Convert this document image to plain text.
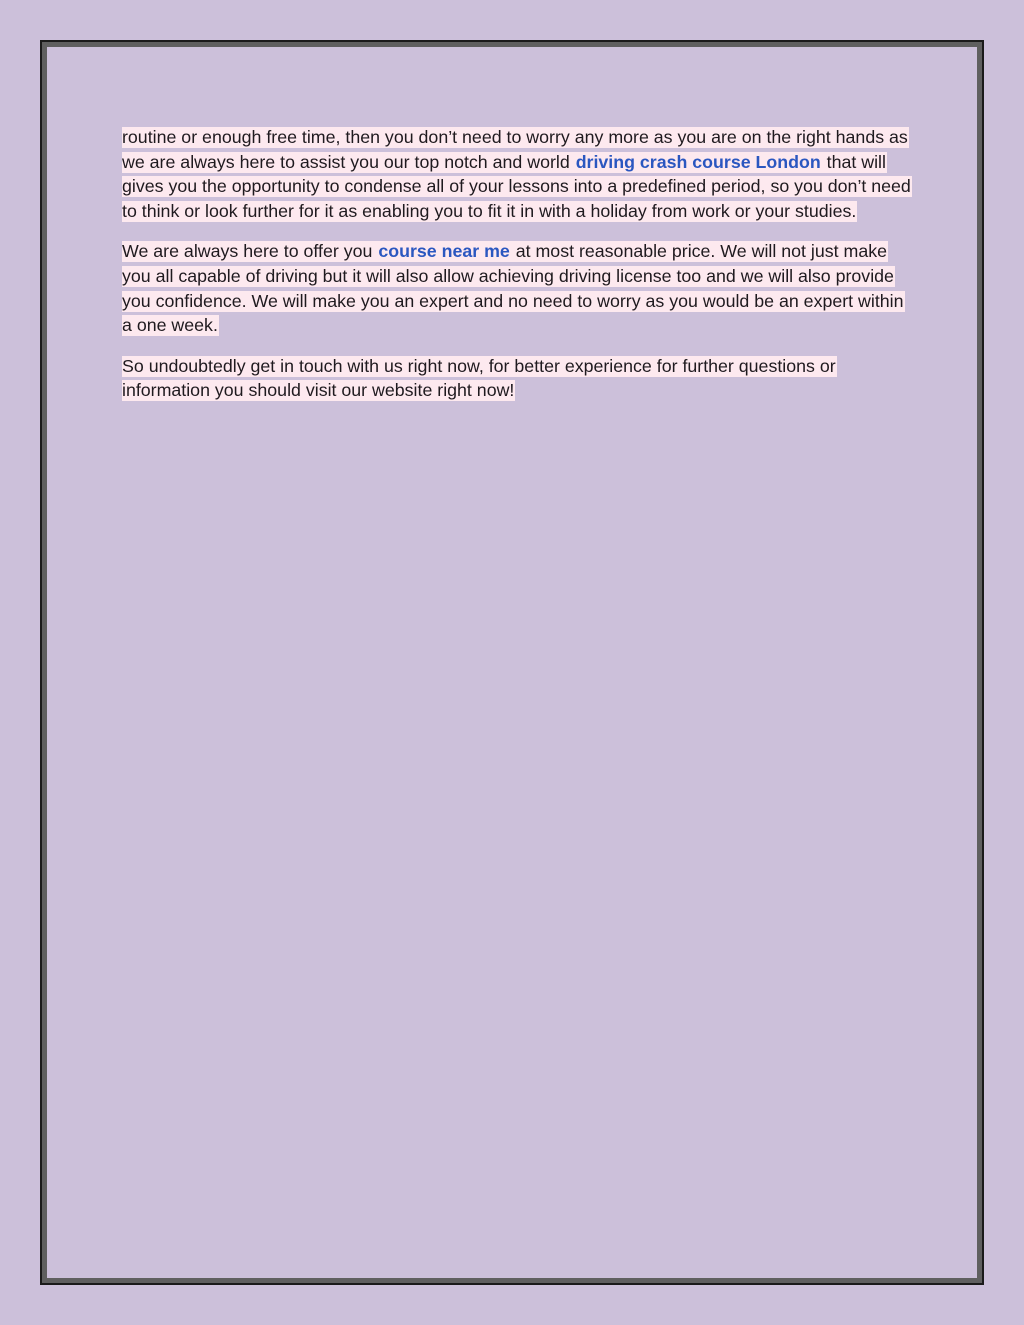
routine or enough free time, then you don’t need to worry any more as you are on the right hands as we are always here to assist you our top notch and world driving crash course London that will gives you the opportunity to condense all of your lessons into a predefined period, so you don’t need to think or look further for it as enabling you to fit it in with a holiday from work or your studies.

We are always here to offer you course near me at most reasonable price. We will not just make you all capable of driving but it will also allow achieving driving license too and we will also provide you confidence. We will make you an expert and no need to worry as you would be an expert within a one week.

So undoubtedly get in touch with us right now, for better experience for further questions or information you should visit our website right now!
